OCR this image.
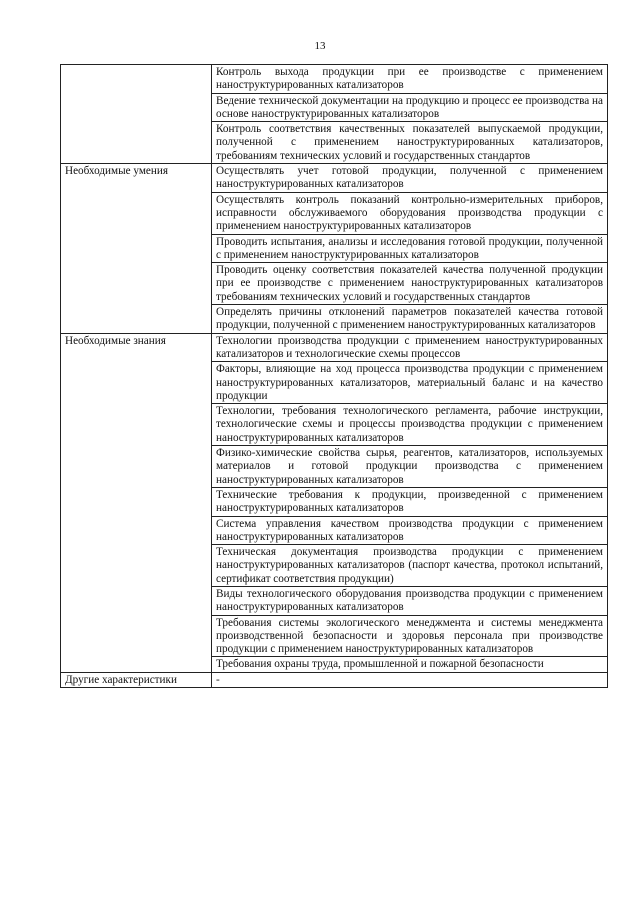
13
	Контроль выхода продукции при ее производстве с применением наноструктурированных катализаторов
	Ведение технической документации на продукцию и процесс ее производства на основе наноструктурированных катализаторов
	Контроль соответствия качественных показателей выпускаемой продукции, полученной с применением наноструктурированных катализаторов, требованиям технических условий и государственных стандартов
Необходимые умения	Осуществлять учет готовой продукции, полученной с применением наноструктурированных катализаторов
	Осуществлять контроль показаний контрольно-измерительных приборов, исправности обслуживаемого оборудования производства продукции с применением наноструктурированных катализаторов
	Проводить испытания, анализы и исследования готовой продукции, полученной с применением наноструктурированных катализаторов
	Проводить оценку соответствия показателей качества полученной продукции при ее производстве с применением наноструктурированных катализаторов требованиям технических условий и государственных стандартов
	Определять причины отклонений параметров показателей качества готовой продукции, полученной с применением наноструктурированных катализаторов
Необходимые знания	Технологии производства продукции с применением наноструктурированных катализаторов и технологические схемы процессов
	Факторы, влияющие на ход процесса производства продукции с применением наноструктурированных катализаторов, материальный баланс и на качество продукции
	Технологии, требования технологического регламента, рабочие инструкции, технологические схемы и процессы производства продукции с применением наноструктурированных катализаторов
	Физико-химические свойства сырья, реагентов, катализаторов, используемых материалов и готовой продукции производства с применением наноструктурированных катализаторов
	Технические требования к продукции, произведенной с применением наноструктурированных катализаторов
	Система управления качеством производства продукции с применением наноструктурированных катализаторов
	Техническая документация производства продукции с применением наноструктурированных катализаторов (паспорт качества, протокол испытаний, сертификат соответствия продукции)
	Виды технологического оборудования производства продукции с применением наноструктурированных катализаторов
	Требования системы экологического менеджмента и системы менеджмента производственной безопасности и здоровья персонала при производстве продукции с применением наноструктурированных катализаторов
	Требования охраны труда, промышленной и пожарной безопасности
Другие характеристики	-
